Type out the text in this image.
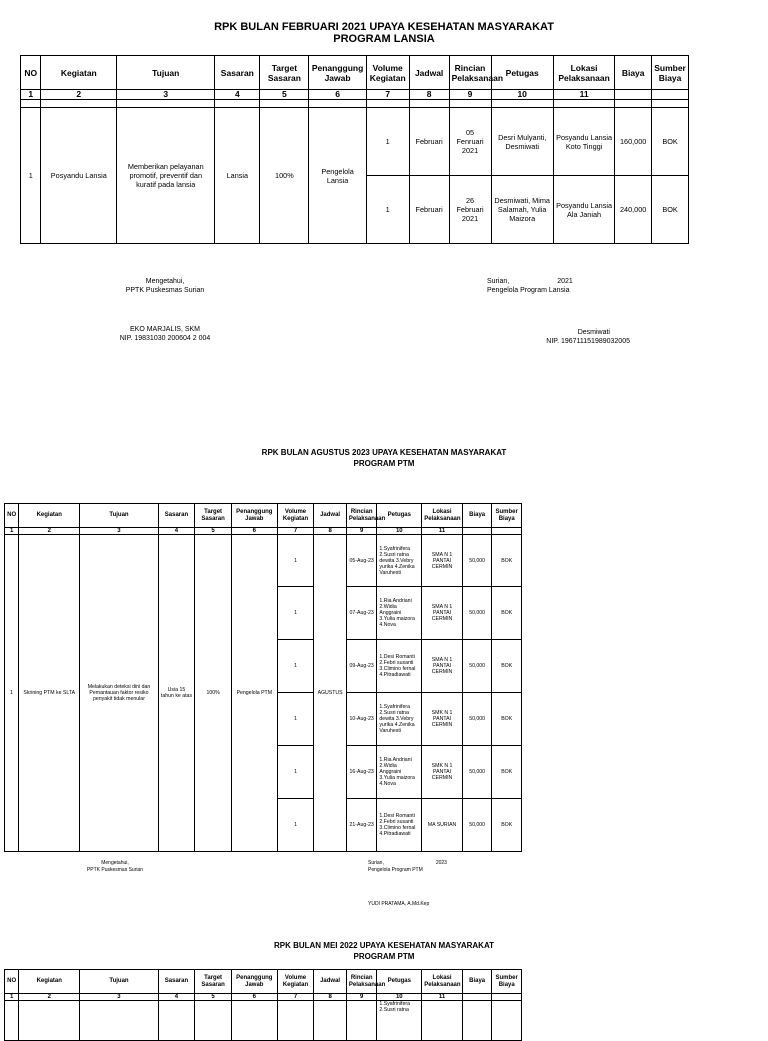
RPK BULAN FEBRUARI 2021 UPAYA KESEHATAN MASYARAKAT
PROGRAM LANSIA
NO	Kegiatan	Tujuan	Sasaran	Target Sasaran	Penanggung Jawab	Volume Kegiatan	Jadwal	Rincian Pelaksanaan	Petugas	Lokasi Pelaksanaan	Biaya	Sumber Biaya
1	2	3	4	5	6	7	8	9	10	11		

1	Posyandu Lansia	Memberikan pelayanan promotif, preventif dan kuratif pada lansia	Lansia	100%	Pengelola Lansia	1	Februari	05 Fenruari 2021	Desri Mulyanti, Desmiwati	Posyandu Lansia Koto Tinggi	160,000	BOK
						1	Februari	26 Februari 2021	Desmiwati, Mima Salamah, Yulia Maizora	Posyandu Lansia Ala Janiah	240,000	BOK
Mengetahui,
PPTK Puskesmas Surian
EKO MARJALIS, SKM
NIP. 19831030 200604 2 004
Surian,	2021
Pengelola Program Lansia
Desmiwati
NIP. 196711151989032005
RPK BULAN AGUSTUS 2023 UPAYA KESEHATAN MASYARAKAT
PROGRAM PTM
NO	Kegiatan	Tujuan	Sasaran	Target Sasaran	Penanggung Jawab	Volume Kegiatan	Jadwal	Rincian Pelaksanaan	Petugas	Lokasi Pelaksanaan	Biaya	Sumber Biaya
1	2	3	4	5	6	7	8	9	10	11		
1	Skrining PTM ke SLTA	Melakukan deteksi dini dan Pemantauan faktor resiko penyakit tidak menular	Usia 15 tahun ke atas	100%	Pengelola PTM	1	AGUSTUS	05-Aug-23	1.Syafrinifera
2.Susri ratna dewita 3.Vebry yurika 4.Zenika Varuhesti	SMA N 1 PANTAI CERMIN	50,000	BOK
						1		07-Aug-23	1.Ria Andriani
2.Widia Anggraini
3.Yulia maizora
4.Nova	SMA N 1 PANTAI CERMIN	50,000	BOK
						1		09-Aug-23	1.Desi Romanti
2.Febri susanti
3.Climino fernal
4.Pitradiawati	SMA N 1 PANTAI CERMIN	50,000	BOK
						1		10-Aug-23	1.Syafrinifera
2.Susri ratna dewita 3.Vebry yurika 4.Zenika Varuhesti	SMK N 1 PANTAI CERMIN	50,000	BOK
						1		16-Aug-23	1.Ria Andriani
2.Widia Anggraini
3.Yulia maizora
4.Nova	SMK N 1 PANTAI CERMIN	50,000	BOK
						1		21-Aug-23	1.Desi Romanti
2.Febri susanti
3.Climino fernal
4.Pitradiawati	MA SURIAN	50,000	BOK
Mengetahui,
PPTK Puskesmas Surian
Surian,	2023
Pengelola Program PTM
YUDI PRATAMA, A.Md.Kep
RPK BULAN MEI 2022 UPAYA KESEHATAN MASYARAKAT
PROGRAM PTM
NO	Kegiatan	Tujuan	Sasaran	Target Sasaran	Penanggung Jawab	Volume Kegiatan	Jadwal	Rincian Pelaksanaan	Petugas	Lokasi Pelaksanaan	Biaya	Sumber Biaya
1	2	3	4	5	6	7	8	9	10	11		
									1.Syafrinifera
2.Susri ratna			
